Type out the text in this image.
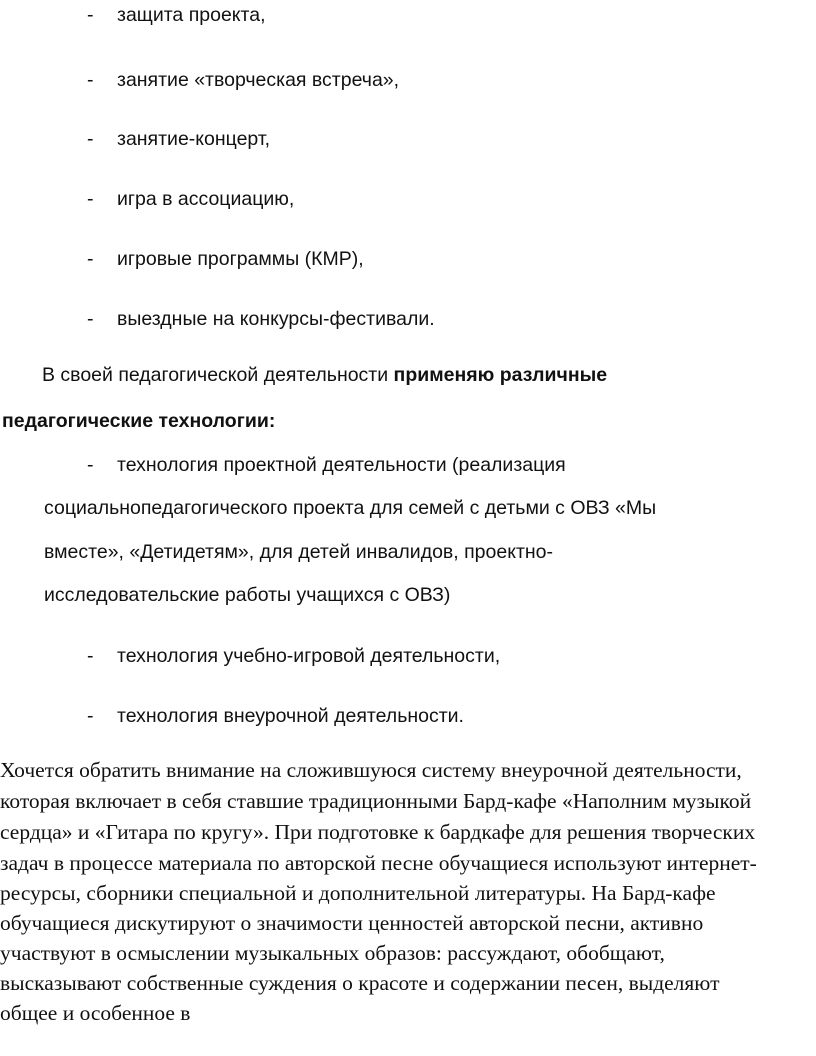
- защита проекта,
- занятие «творческая встреча»,
- занятие-концерт,
- игра в ассоциацию,
- игровые программы (КМР),
- выездные на конкурсы-фестивали.
В своей педагогической деятельности применяю различные
педагогические технологии:
- технология проектной деятельности (реализация
социальнопедагогического проекта для семей с детьми с ОВЗ «Мы
вместе», «Детидетям», для детей инвалидов, проектно-
исследовательские работы учащихся с ОВЗ)
- технология учебно-игровой деятельности,
- технология внеурочной деятельности.
Хочется обратить внимание на сложившуюся систему внеурочной деятельности,
которая включает в себя ставшие традиционными Бард-кафе «Наполним музыкой
сердца» и «Гитара по кругу». При подготовке к бардкафе для решения творческих
задач в процессе материала по авторской песне обучащиеся используют интернет-
ресурсы, сборники специальной и дополнительной литературы. На Бард-кафе
обучащиеся дискутируют о значимости ценностей авторской песни, активно
участвуют в осмыслении музыкальных образов: рассуждают, обобщают,
высказывают собственные суждения о красоте и содержании песен, выделяют
общее и особенное в
